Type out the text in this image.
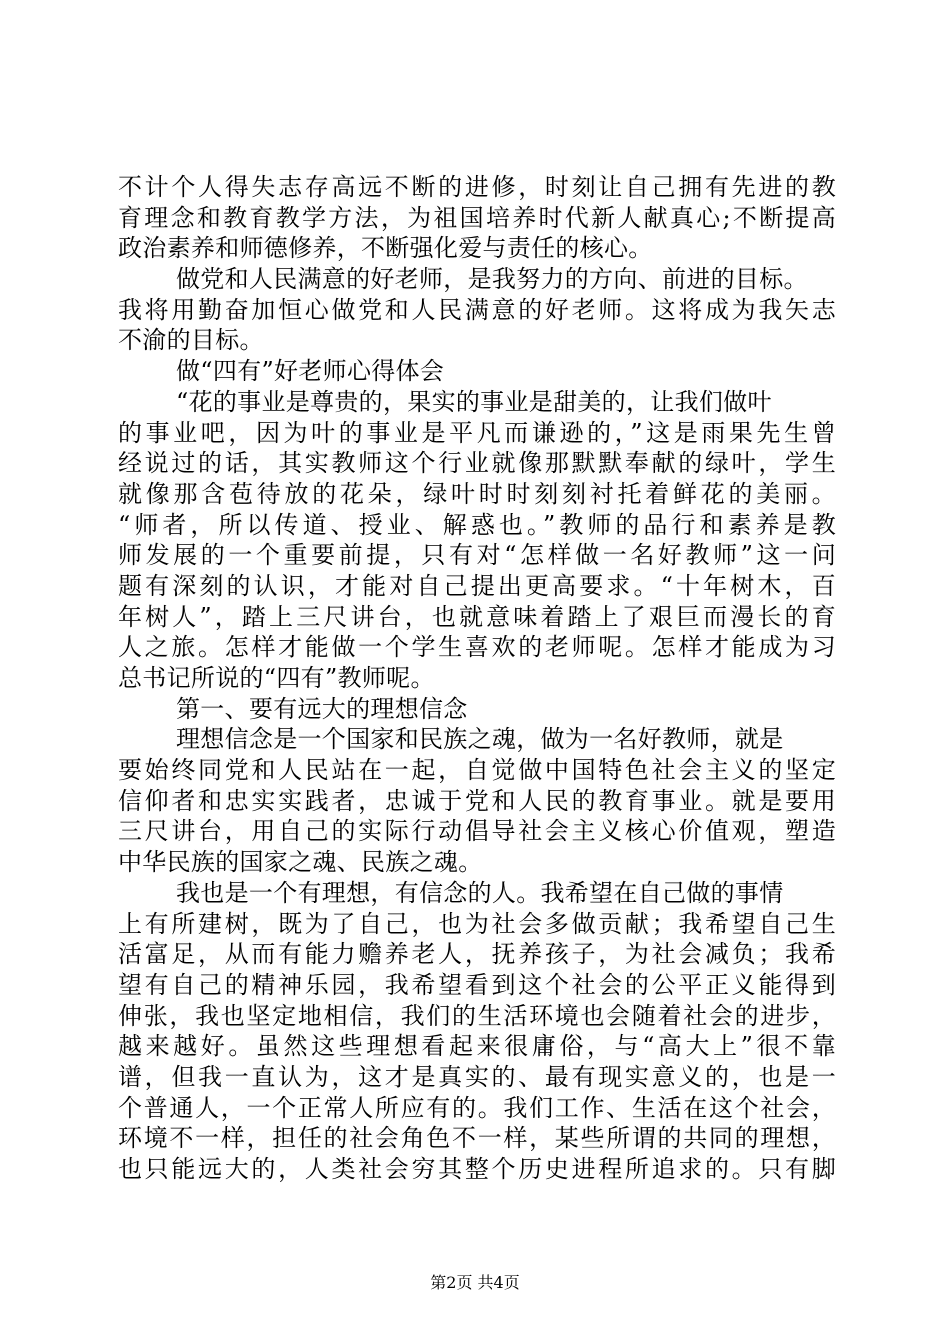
不计个人得失志存高远不断的进修，时刻让自己拥有先进的教
育理念和教育教学方法，为祖国培养时代新人献真心;不断提高
政治素养和师德修养，不断强化爱与责任的核心。
做党和人民满意的好老师，是我努力的方向、前进的目标。
我将用勤奋加恒心做党和人民满意的好老师。这将成为我矢志
不渝的目标。
做“四有”好老师心得体会
“花的事业是尊贵的，果实的事业是甜美的，让我们做叶
的事业吧，因为叶的事业是平凡而谦逊的，”这是雨果先生曾
经说过的话，其实教师这个行业就像那默默奉献的绿叶，学生
就像那含苞待放的花朵，绿叶时时刻刻衬托着鲜花的美丽。
“师者，所以传道、授业、解惑也。”教师的品行和素养是教
师发展的一个重要前提，只有对“怎样做一名好教师”这一问
题有深刻的认识，才能对自己提出更高要求。“十年树木，百
年树人”，踏上三尺讲台，也就意味着踏上了艰巨而漫长的育
人之旅。怎样才能做一个学生喜欢的老师呢。怎样才能成为习
总书记所说的“四有”教师呢。
第一、要有远大的理想信念
理想信念是一个国家和民族之魂，做为一名好教师，就是
要始终同党和人民站在一起，自觉做中国特色社会主义的坚定
信仰者和忠实实践者，忠诚于党和人民的教育事业。就是要用
三尺讲台，用自己的实际行动倡导社会主义核心价值观，塑造
中华民族的国家之魂、民族之魂。
我也是一个有理想，有信念的人。我希望在自己做的事情
上有所建树，既为了自己，也为社会多做贡献；我希望自己生
活富足，从而有能力赡养老人，抚养孩子，为社会减负；我希
望有自己的精神乐园，我希望看到这个社会的公平正义能得到
伸张，我也坚定地相信，我们的生活环境也会随着社会的进步，
越来越好。虽然这些理想看起来很庸俗，与“高大上”很不靠
谱，但我一直认为，这才是真实的、最有现实意义的，也是一
个普通人，一个正常人所应有的。我们工作、生活在这个社会，
环境不一样，担任的社会角色不一样，某些所谓的共同的理想，
也只能远大的，人类社会穷其整个历史进程所追求的。只有脚
第2页 共4页
